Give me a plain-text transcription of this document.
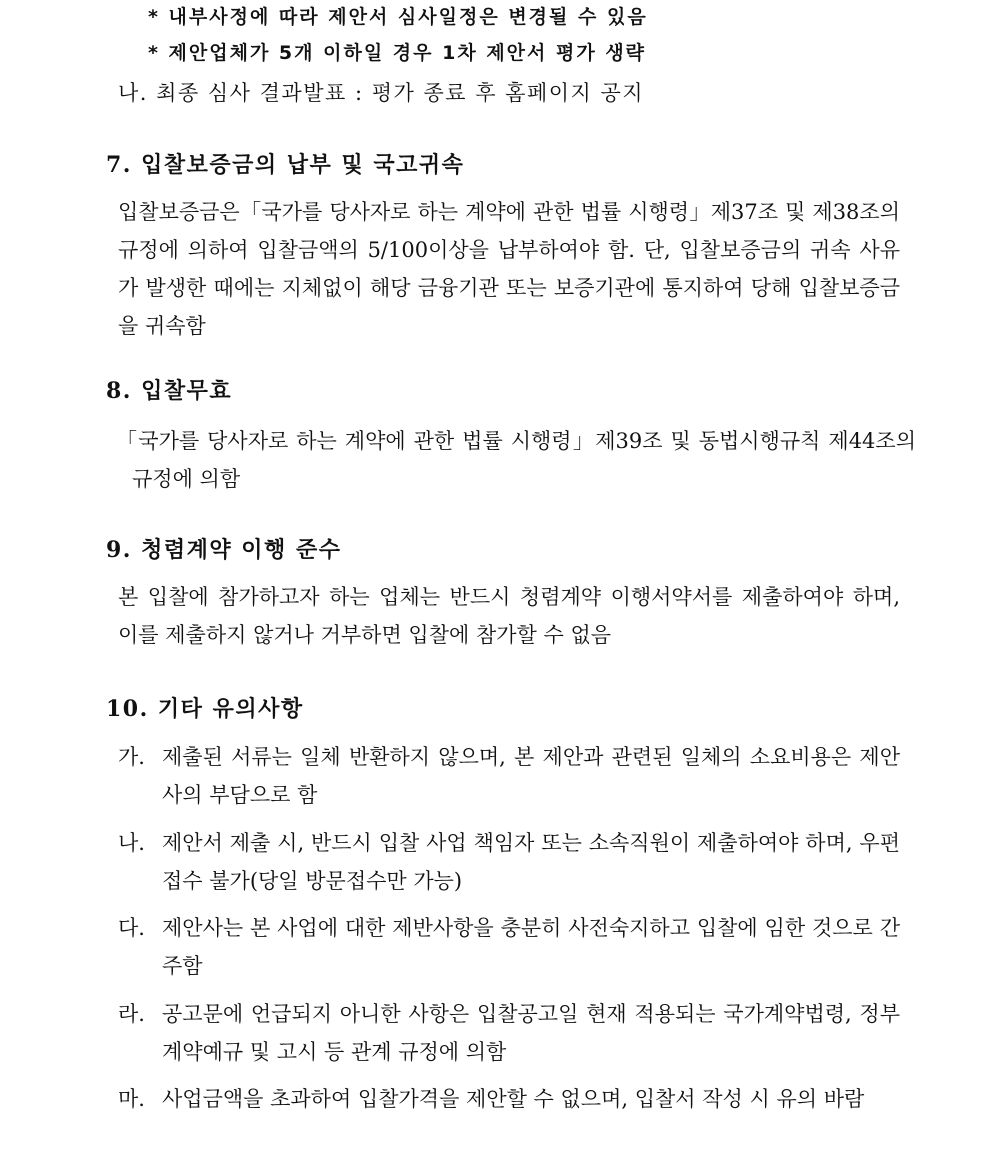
* 내부사정에 따라 제안서 심사일정은 변경될 수 있음
* 제안업체가 5개 이하일 경우 1차 제안서 평가 생략
나. 최종 심사 결과발표 : 평가 종료 후 홈페이지 공지
7. 입찰보증금의 납부 및 국고귀속

입찰보증금은「국가를 당사자로 하는 계약에 관한 법률 시행령」제37조 및 제38조의 규정에 의하여 입찰금액의 5/100이상을 납부하여야 함. 단, 입찰보증금의 귀속 사유가 발생한 때에는 지체없이 해당 금융기관 또는 보증기관에 통지하여 당해 입찰보증금을 귀속함

8. 입찰무효

「국가를 당사자로 하는 계약에 관한 법률 시행령」제39조 및 동법시행규칙 제44조의 규정에 의함

9. 청렴계약 이행 준수

본 입찰에 참가하고자 하는 업체는 반드시 청렴계약 이행서약서를 제출하여야 하며, 이를 제출하지 않거나 거부하면 입찰에 참가할 수 없음

10. 기타 유의사항
가. 제출된 서류는 일체 반환하지 않으며, 본 제안과 관련된 일체의 소요비용은 제안사의 부담으로 함
나. 제안서 제출 시, 반드시 입찰 사업 책임자 또는 소속직원이 제출하여야 하며, 우편접수 불가(당일 방문접수만 가능)
다. 제안사는 본 사업에 대한 제반사항을 충분히 사전숙지하고 입찰에 임한 것으로 간주함
라. 공고문에 언급되지 아니한 사항은 입찰공고일 현재 적용되는 국가계약법령, 정부 계약예규 및 고시 등 관계 규정에 의함
마. 사업금액을 초과하여 입찰가격을 제안할 수 없으며, 입찰서 작성 시 유의 바람
